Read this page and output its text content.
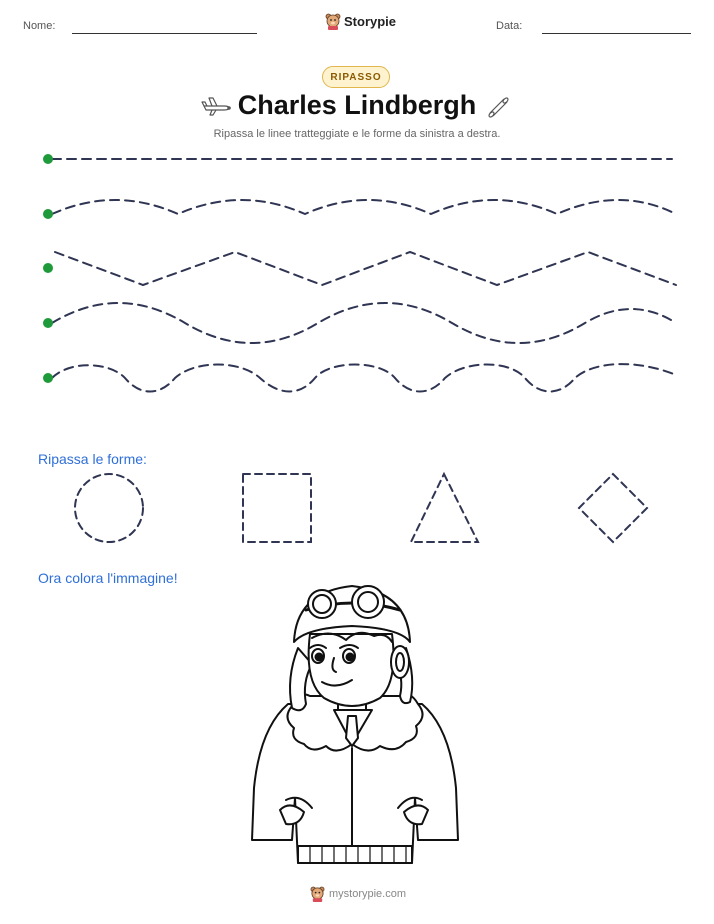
Nome:	Storypie	Data:
RIPASSO
Charles Lindbergh
Ripassa le linee tratteggiate e le forme da sinistra a destra.
Ripassa le forme:
Ora colora l'immagine!
mystorypie.com
